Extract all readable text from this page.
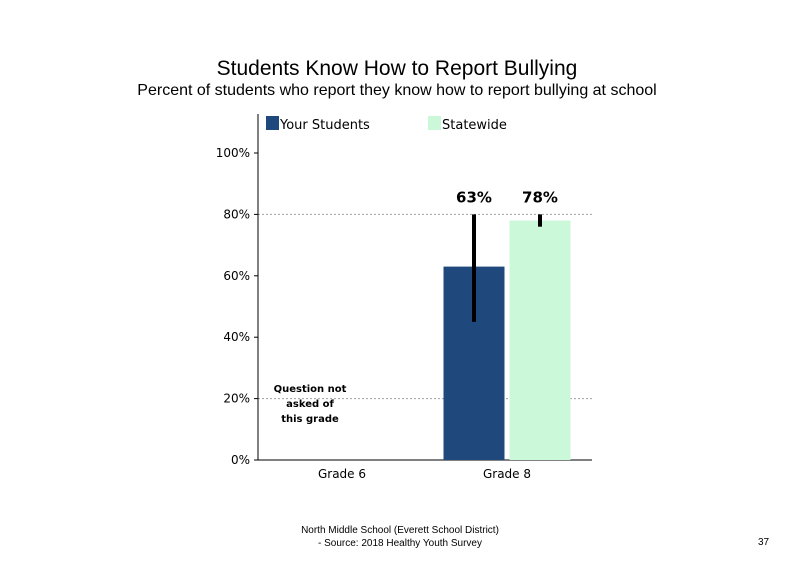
Students Know How to Report Bullying
Percent of students who report they know how to report bullying at school
0%
20%
40%
60%
80%
100%
Grade 6	Grade 8
63% 78%
Question not
asked of
this grade
Your Students	Statewide
North Middle School (Everett School District)
- Source: 2018 Healthy Youth Survey	37
